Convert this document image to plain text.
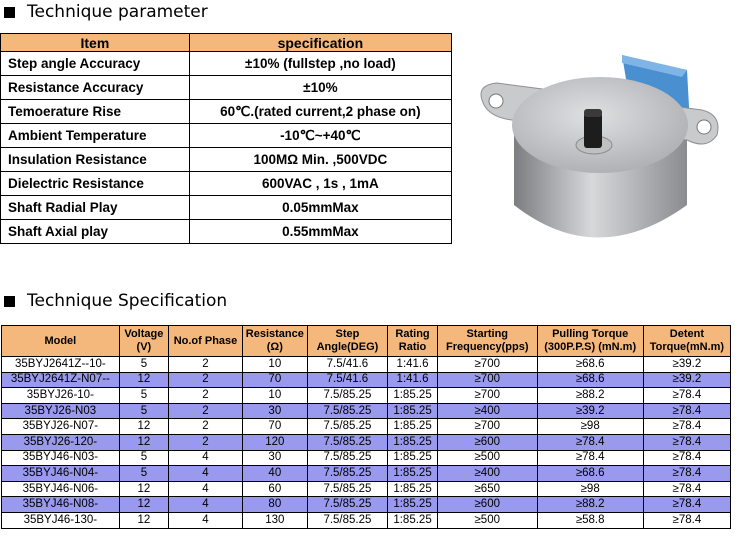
Technique parameter
Item	specification
Step angle Accuracy	±10% (fullstep ,no load)
Resistance Accuracy	±10%
Temoerature Rise	60℃.(rated current,2 phase on)
Ambient Temperature	-10℃~+40℃
Insulation Resistance	100MΩ Min. ,500VDC
Dielectric Resistance	600VAC , 1s , 1mA
Shaft Radial Play	0.05mmMax
Shaft Axial play	0.55mmMax
Technique Specification
Model	Voltage (V)	No.of Phase	Resistance (Ω)	Step Angle(DEG)	Rating Ratio	Starting Frequency(pps)	Pulling Torque (300P.P.S) (mN.m)	Detent Torque(mN.m)
35BYJ2641Z--10-	5	2	10	7.5/41.6	1:41.6	≥700	≥68.6	≥39.2
35BYJ2641Z-N07--	12	2	70	7.5/41.6	1:41.6	≥700	≥68.6	≥39.2
35BYJ26-10-	5	2	10	7.5/85.25	1:85.25	≥700	≥88.2	≥78.4
35BYJ26-N03	5	2	30	7.5/85.25	1:85.25	≥400	≥39.2	≥78.4
35BYJ26-N07-	12	2	70	7.5/85.25	1:85.25	≥700	≥98	≥78.4
35BYJ26-120-	12	2	120	7.5/85.25	1:85.25	≥600	≥78.4	≥78.4
35BYJ46-N03-	5	4	30	7.5/85.25	1:85.25	≥500	≥78.4	≥78.4
35BYJ46-N04-	5	4	40	7.5/85.25	1:85.25	≥400	≥68.6	≥78.4
35BYJ46-N06-	12	4	60	7.5/85.25	1:85.25	≥650	≥98	≥78.4
35BYJ46-N08-	12	4	80	7.5/85.25	1:85.25	≥600	≥88.2	≥78.4
35BYJ46-130-	12	4	130	7.5/85.25	1:85.25	≥500	≥58.8	≥78.4
